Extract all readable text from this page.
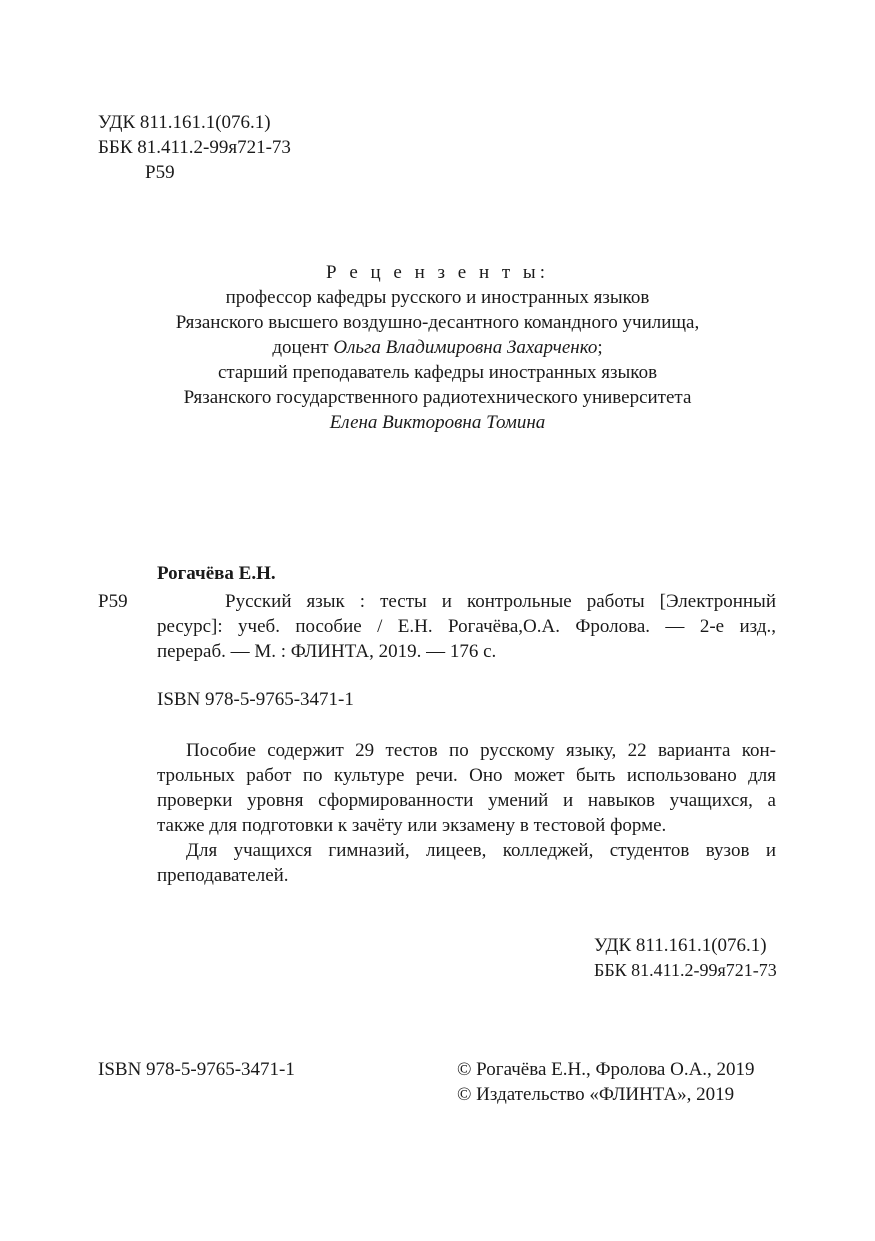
УДК 811.161.1(076.1)
ББК 81.411.2-99я721-73
Р59
Р е ц е н з е н т ы:
профессор кафедры русского и иностранных языков
Рязанского высшего воздушно-десантного командного училища,
доцент Ольга Владимировна Захарченко;
старший преподаватель кафедры иностранных языков
Рязанского государственного радиотехнического университета
Елена Викторовна Томина
Рогачёва Е.Н.
Р59	Русский язык : тесты и контрольные работы [Электронный
ресурс]: учеб. пособие / Е.Н. Рогачёва,О.А. Фролова. — 2-е изд.,
перераб. — М. : ФЛИНТА, 2019. — 176 с.
ISBN 978-5-9765-3471-1
Пособие содержит 29 тестов по русскому языку, 22 варианта кон-
трольных работ по культуре речи. Оно может быть использовано для
проверки уровня сформированности умений и навыков учащихся, а
также для подготовки к зачёту или экзамену в тестовой форме.
Для учащихся гимназий, лицеев, колледжей, студентов вузов и
преподавателей.
УДК 811.161.1(076.1)
ББК 81.411.2-99я721-73
ISBN 978-5-9765-3471-1	© Рогачёва Е.Н., Фролова О.А., 2019
© Издательство «ФЛИНТА», 2019
